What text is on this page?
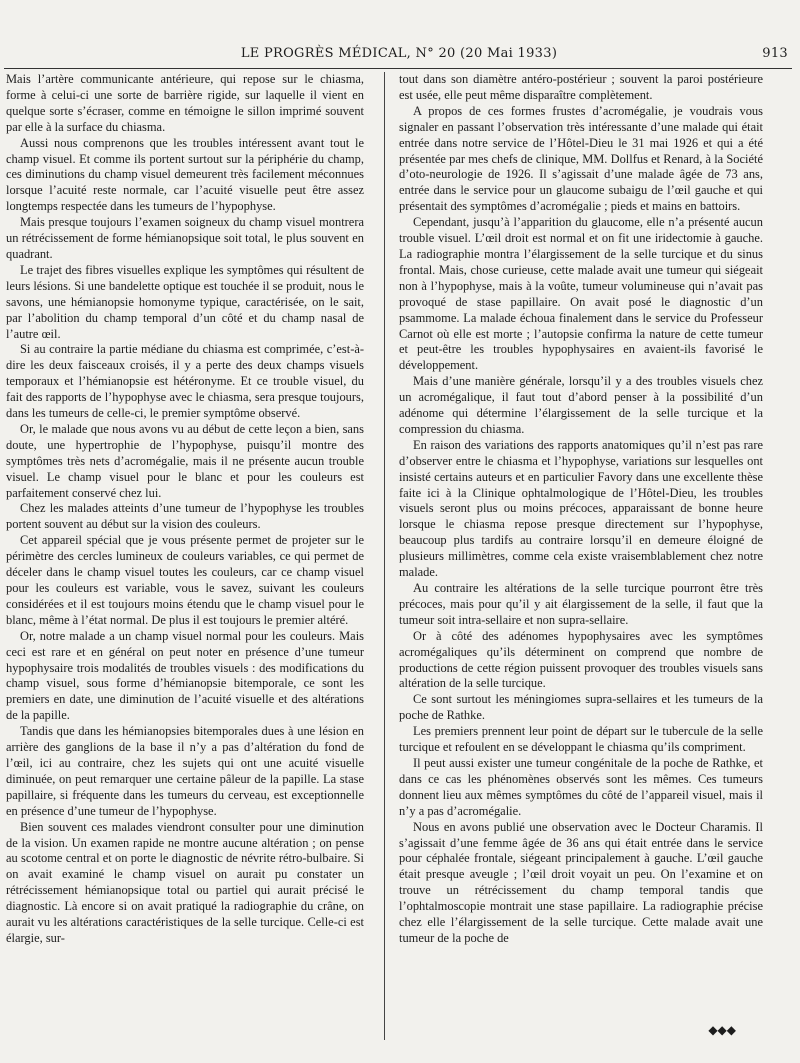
LE PROGRÈS MÉDICAL, N° 20 (20 Mai 1933)	913

Mais l’artère communicante antérieure, qui repose sur le chiasma, forme à celui-ci une sorte de barrière rigide, sur laquelle il vient en quelque sorte s’écraser, comme en témoigne le sillon imprimé souvent par elle à la surface du chiasma.

Aussi nous comprenons que les troubles intéressent avant tout le champ visuel. Et comme ils portent surtout sur la périphérie du champ, ces diminutions du champ visuel demeurent très facilement méconnues lorsque l’acuité reste normale, car l’acuité visuelle peut être assez longtemps respectée dans les tumeurs de l’hypophyse.

Mais presque toujours l’examen soigneux du champ visuel montrera un rétrécissement de forme hémianopsique soit total, le plus souvent en quadrant.

Le trajet des fibres visuelles explique les symptômes qui résultent de leurs lésions. Si une bandelette optique est touchée il se produit, nous le savons, une hémianopsie homonyme typique, caractérisée, on le sait, par l’abolition du champ temporal d’un côté et du champ nasal de l’autre œil.

Si au contraire la partie médiane du chiasma est comprimée, c’est-à-dire les deux faisceaux croisés, il y a perte des deux champs visuels temporaux et l’hémianopsie est hétéronyme. Et ce trouble visuel, du fait des rapports de l’hypophyse avec le chiasma, sera presque toujours, dans les tumeurs de celle-ci, le premier symptôme observé.

Or, le malade que nous avons vu au début de cette leçon a bien, sans doute, une hypertrophie de l’hypophyse, puisqu’il montre des symptômes très nets d’acromégalie, mais il ne présente aucun trouble visuel. Le champ visuel pour le blanc et pour les couleurs est parfaitement conservé chez lui.

Chez les malades atteints d’une tumeur de l’hypophyse les troubles portent souvent au début sur la vision des couleurs.

Cet appareil spécial que je vous présente permet de projeter sur le périmètre des cercles lumineux de couleurs variables, ce qui permet de déceler dans le champ visuel toutes les couleurs, car ce champ visuel pour les couleurs est variable, vous le savez, suivant les couleurs considérées et il est toujours moins étendu que le champ visuel pour le blanc, même à l’état normal. De plus il est toujours le premier altéré.

Or, notre malade a un champ visuel normal pour les couleurs. Mais ceci est rare et en général on peut noter en présence d’une tumeur hypophysaire trois modalités de troubles visuels : des modifications du champ visuel, sous forme d’hémianopsie bitemporale, ce sont les premiers en date, une diminution de l’acuité visuelle et des altérations de la papille.

Tandis que dans les hémianopsies bitemporales dues à une lésion en arrière des ganglions de la base il n’y a pas d’altération du fond de l’œil, ici au contraire, chez les sujets qui ont une acuité visuelle diminuée, on peut remarquer une certaine pâleur de la papille. La stase papillaire, si fréquente dans les tumeurs du cerveau, est exceptionnelle en présence d’une tumeur de l’hypophyse.

Bien souvent ces malades viendront consulter pour une diminution de la vision. Un examen rapide ne montre aucune altération ; on pense au scotome central et on porte le diagnostic de névrite rétro-bulbaire. Si on avait examiné le champ visuel on aurait pu constater un rétrécissement hémianopsique total ou partiel qui aurait précisé le diagnostic. Là encore si on avait pratiqué la radiographie du crâne, on aurait vu les altérations caractéristiques de la selle turcique. Celle-ci est élargie, sur-

tout dans son diamètre antéro-postérieur ; souvent la paroi postérieure est usée, elle peut même disparaître complètement.

A propos de ces formes frustes d’acromégalie, je voudrais vous signaler en passant l’observation très intéressante d’une malade qui était entrée dans notre service de l’Hôtel-Dieu le 31 mai 1926 et qui a été présentée par mes chefs de clinique, MM. Dollfus et Renard, à la Société d’oto-neurologie de 1926. Il s’agissait d’une malade âgée de 73 ans, entrée dans le service pour un glaucome subaigu de l’œil gauche et qui présentait des symptômes d’acromégalie ; pieds et mains en battoirs.

Cependant, jusqu’à l’apparition du glaucome, elle n’a présenté aucun trouble visuel. L’œil droit est normal et on fit une iridectomie à gauche. La radiographie montra l’élargissement de la selle turcique et du sinus frontal. Mais, chose curieuse, cette malade avait une tumeur qui siégeait non à l’hypophyse, mais à la voûte, tumeur volumineuse qui n’avait pas provoqué de stase papillaire. On avait posé le diagnostic d’un psammome. La malade échoua finalement dans le service du Professeur Carnot où elle est morte ; l’autopsie confirma la nature de cette tumeur et peut-être les troubles hypophysaires en avaient-ils favorisé le développement.

Mais d’une manière générale, lorsqu’il y a des troubles visuels chez un acromégalique, il faut tout d’abord penser à la possibilité d’un adénome qui détermine l’élargissement de la selle turcique et la compression du chiasma.

En raison des variations des rapports anatomiques qu’il n’est pas rare d’observer entre le chiasma et l’hypophyse, variations sur lesquelles ont insisté certains auteurs et en particulier Favory dans une excellente thèse faite ici à la Clinique ophtalmologique de l’Hôtel-Dieu, les troubles visuels seront plus ou moins précoces, apparaissant de bonne heure lorsque le chiasma repose presque directement sur l’hypophyse, beaucoup plus tardifs au contraire lorsqu’il en demeure éloigné de plusieurs millimètres, comme cela existe vraisemblablement chez notre malade.

Au contraire les altérations de la selle turcique pourront être très précoces, mais pour qu’il y ait élargissement de la selle, il faut que la tumeur soit intra-sellaire et non supra-sellaire.

Or à côté des adénomes hypophysaires avec les symptômes acromégaliques qu’ils déterminent on comprend que nombre de productions de cette région puissent provoquer des troubles visuels sans altération de la selle turcique.

Ce sont surtout les méningiomes supra-sellaires et les tumeurs de la poche de Rathke.

Les premiers prennent leur point de départ sur le tubercule de la selle turcique et refoulent en se développant le chiasma qu’ils compriment.

Il peut aussi exister une tumeur congénitale de la poche de Rathke, et dans ce cas les phénomènes observés sont les mêmes. Ces tumeurs donnent lieu aux mêmes symptômes du côté de l’appareil visuel, mais il n’y a pas d’acromégalie.

Nous en avons publié une observation avec le Docteur Charamis. Il s’agissait d’une femme âgée de 36 ans qui était entrée dans le service pour céphalée frontale, siégeant principalement à gauche. L’œil gauche était presque aveugle ; l’œil droit voyait un peu. On l’examine et on trouve un rétrécissement du champ temporal tandis que l’ophtalmoscopie montrait une stase papillaire. La radiographie précise chez elle l’élargissement de la selle turcique. Cette malade avait une tumeur de la poche de

◆◆◆
